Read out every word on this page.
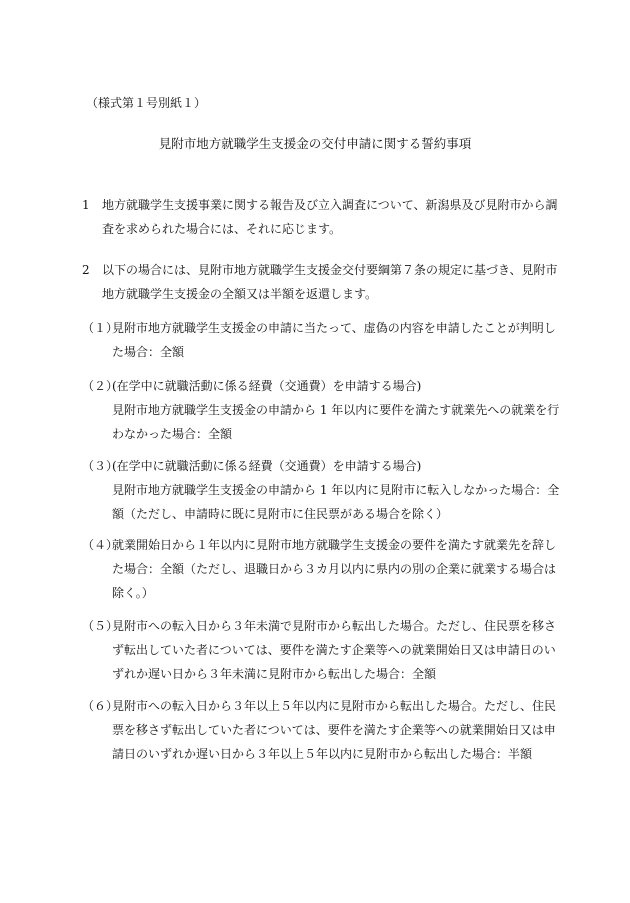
（様式第１号別紙１）
見附市地方就職学生支援金の交付申請に関する誓約事項
1 地方就職学生支援事業に関する報告及び立入調査について、新潟県及び見附市から調
査を求められた場合には、それに応じます。
2 以下の場合には、見附市地方就職学生支援金交付要綱第７条の規定に基づき、見附市
地方就職学生支援金の全額又は半額を返還します。
（１）
見附市地方就職学生支援金の申請に当たって、虚偽の内容を申請したことが判明し
た場合：全額
（２）
(在学中に就職活動に係る経費（交通費）を申請する場合)
見附市地方就職学生支援金の申請から 1 年以内に要件を満たす就業先への就業を行
わなかった場合：全額
（３）
(在学中に就職活動に係る経費（交通費）を申請する場合)
見附市地方就職学生支援金の申請から 1 年以内に見附市に転入しなかった場合：全
額（ただし、申請時に既に見附市に住民票がある場合を除く）
（４）
就業開始日から１年以内に見附市地方就職学生支援金の要件を満たす就業先を辞し
た場合：全額（ただし、退職日から３カ月以内に県内の別の企業に就業する場合は
除く。）
（５）
見附市への転入日から３年未満で見附市から転出した場合。ただし、住民票を移さ
ず転出していた者については、要件を満たす企業等への就業開始日又は申請日のい
ずれか遅い日から３年未満に見附市から転出した場合：全額
（６）
見附市への転入日から３年以上５年以内に見附市から転出した場合。ただし、住民
票を移さず転出していた者については、要件を満たす企業等への就業開始日又は申
請日のいずれか遅い日から３年以上５年以内に見附市から転出した場合：半額
